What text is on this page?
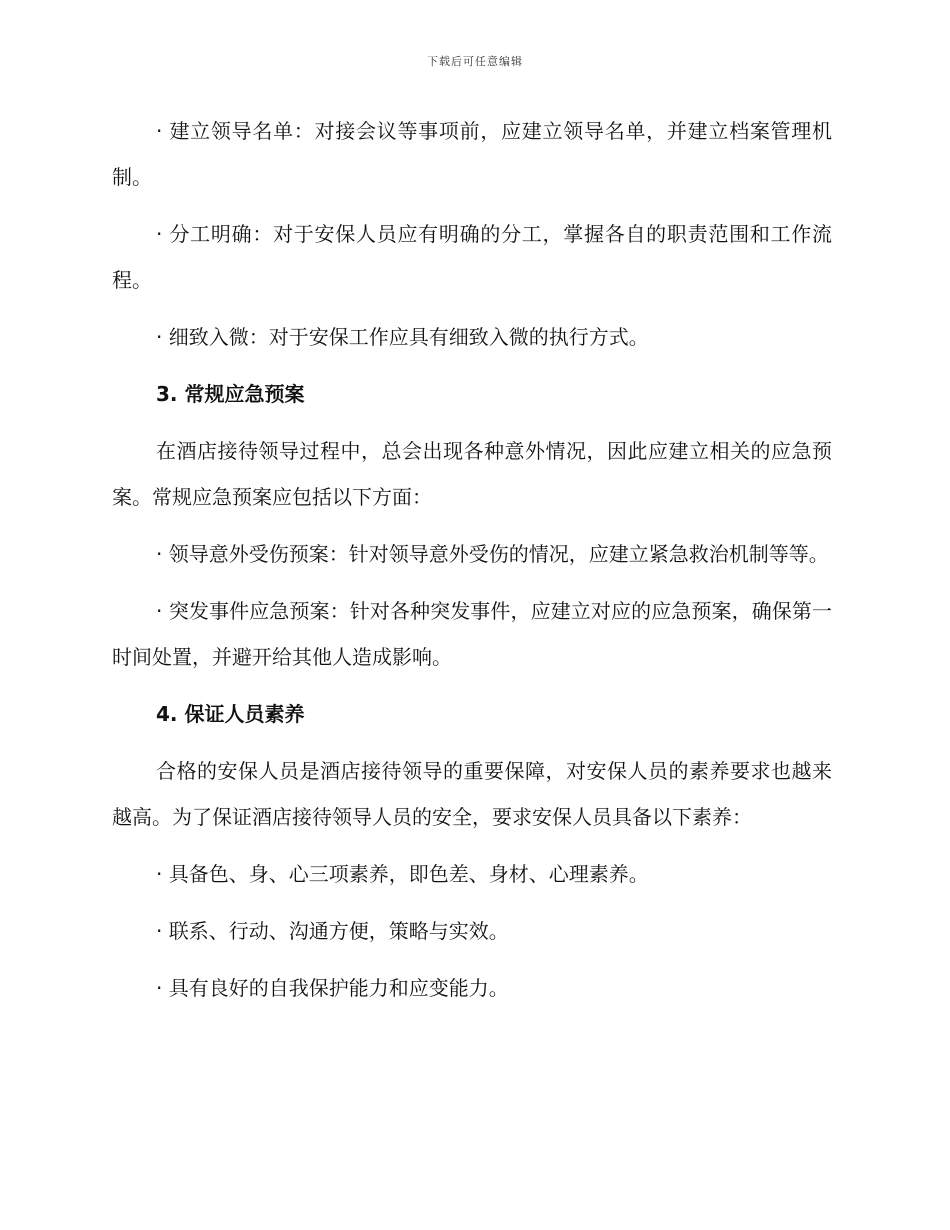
下载后可任意编辑

· 建立领导名单：对接会议等事项前，应建立领导名单，并建立档案管理机制。

· 分工明确：对于安保人员应有明确的分工，掌握各自的职责范围和工作流程。

· 细致入微：对于安保工作应具有细致入微的执行方式。

3. 常规应急预案

在酒店接待领导过程中，总会出现各种意外情况，因此应建立相关的应急预案。常规应急预案应包括以下方面：

· 领导意外受伤预案：针对领导意外受伤的情况，应建立紧急救治机制等等。

· 突发事件应急预案：针对各种突发事件，应建立对应的应急预案，确保第一时间处置，并避开给其他人造成影响。

4. 保证人员素养

合格的安保人员是酒店接待领导的重要保障，对安保人员的素养要求也越来越高。为了保证酒店接待领导人员的安全，要求安保人员具备以下素养：

· 具备色、身、心三项素养，即色差、身材、心理素养。

· 联系、行动、沟通方便，策略与实效。

· 具有良好的自我保护能力和应变能力。
